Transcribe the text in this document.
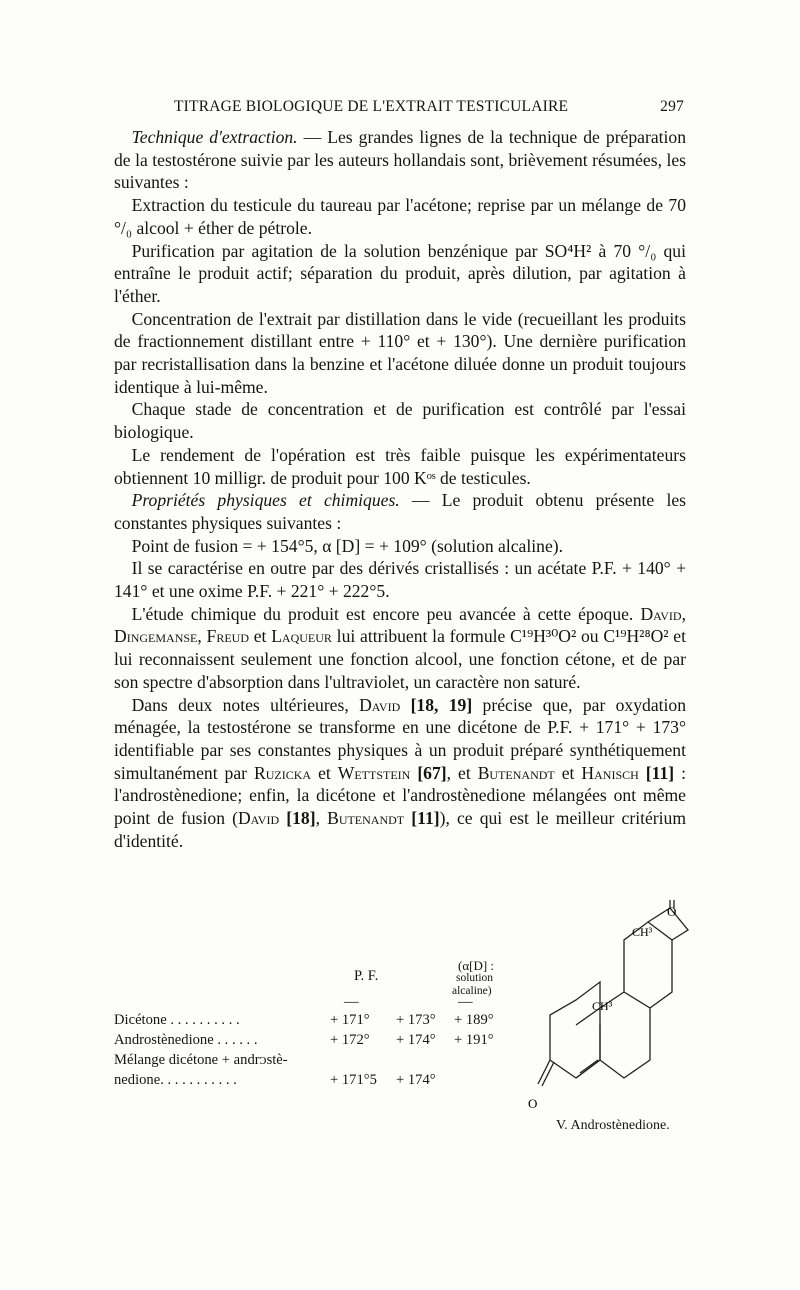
TITRAGE BIOLOGIQUE DE L'EXTRAIT TESTICULAIRE	297

 Technique d'extraction. — Les grandes lignes de la technique de préparation de la testostérone suivie par les auteurs hollandais sont, brièvement résumées, les suivantes :

 Extraction du testicule du taureau par l'acétone; reprise par un mélange de 70 °/₀ alcool + éther de pétrole.

 Purification par agitation de la solution benzénique par SO⁴H² à 70 °/₀ qui entraîne le produit actif; séparation du produit, après dilution, par agitation à l'éther.

 Concentration de l'extrait par distillation dans le vide (recueillant les produits de fractionnement distillant entre + 110° et + 130°). Une dernière purification par recristallisation dans la benzine et l'acétone diluée donne un produit toujours identique à lui-même.

 Chaque stade de concentration et de purification est contrôlé par l'essai biologique.

 Le rendement de l'opération est très faible puisque les expérimentateurs obtiennent 10 milligr. de produit pour 100 Kᵒˢ de testicules.

 Propriétés physiques et chimiques. — Le produit obtenu présente les constantes physiques suivantes :

 Point de fusion = + 154°5, α [D] = + 109° (solution alcaline).

 Il se caractérise en outre par des dérivés cristallisés : un acétate P.F. + 140° + 141° et une oxime P.F. + 221° + 222°5.

 L'étude chimique du produit est encore peu avancée à cette époque. David, Dingemanse, Freud et Laqueur lui attribuent la formule C¹⁹H³⁰O² ou C¹⁹H²⁸O² et lui reconnaissent seulement une fonction alcool, une fonction cétone, et de par son spectre d'absorption dans l'ultraviolet, un caractère non saturé.

 Dans deux notes ultérieures, David [18, 19] précise que, par oxydation ménagée, la testostérone se transforme en une dicétone de P.F. + 171° + 173° identifiable par ses constantes physiques à un produit préparé synthétiquement simultanément par Ruzicka et Wettstein [67], et Butenandt et Hanisch [11] : l'androstènedione; enfin, la dicétone et l'androstènedione mélangées ont même point de fusion (David [18], Butenandt [11]), ce qui est le meilleur critérium d'identité.

P. F.
(α[D] :
solution
alcaline)
—	—
Dicétone . . . . . . . . . .	+ 171° + 173° + 189°
Androstènedione . . . . . .	+ 172° + 174° + 191°
Mélange dicétone + andrᴐstè-
nedione. . . . . . . . . . .	+ 171°5 + 174°
O
CH³
CH³
O
V. Androstènedione.
